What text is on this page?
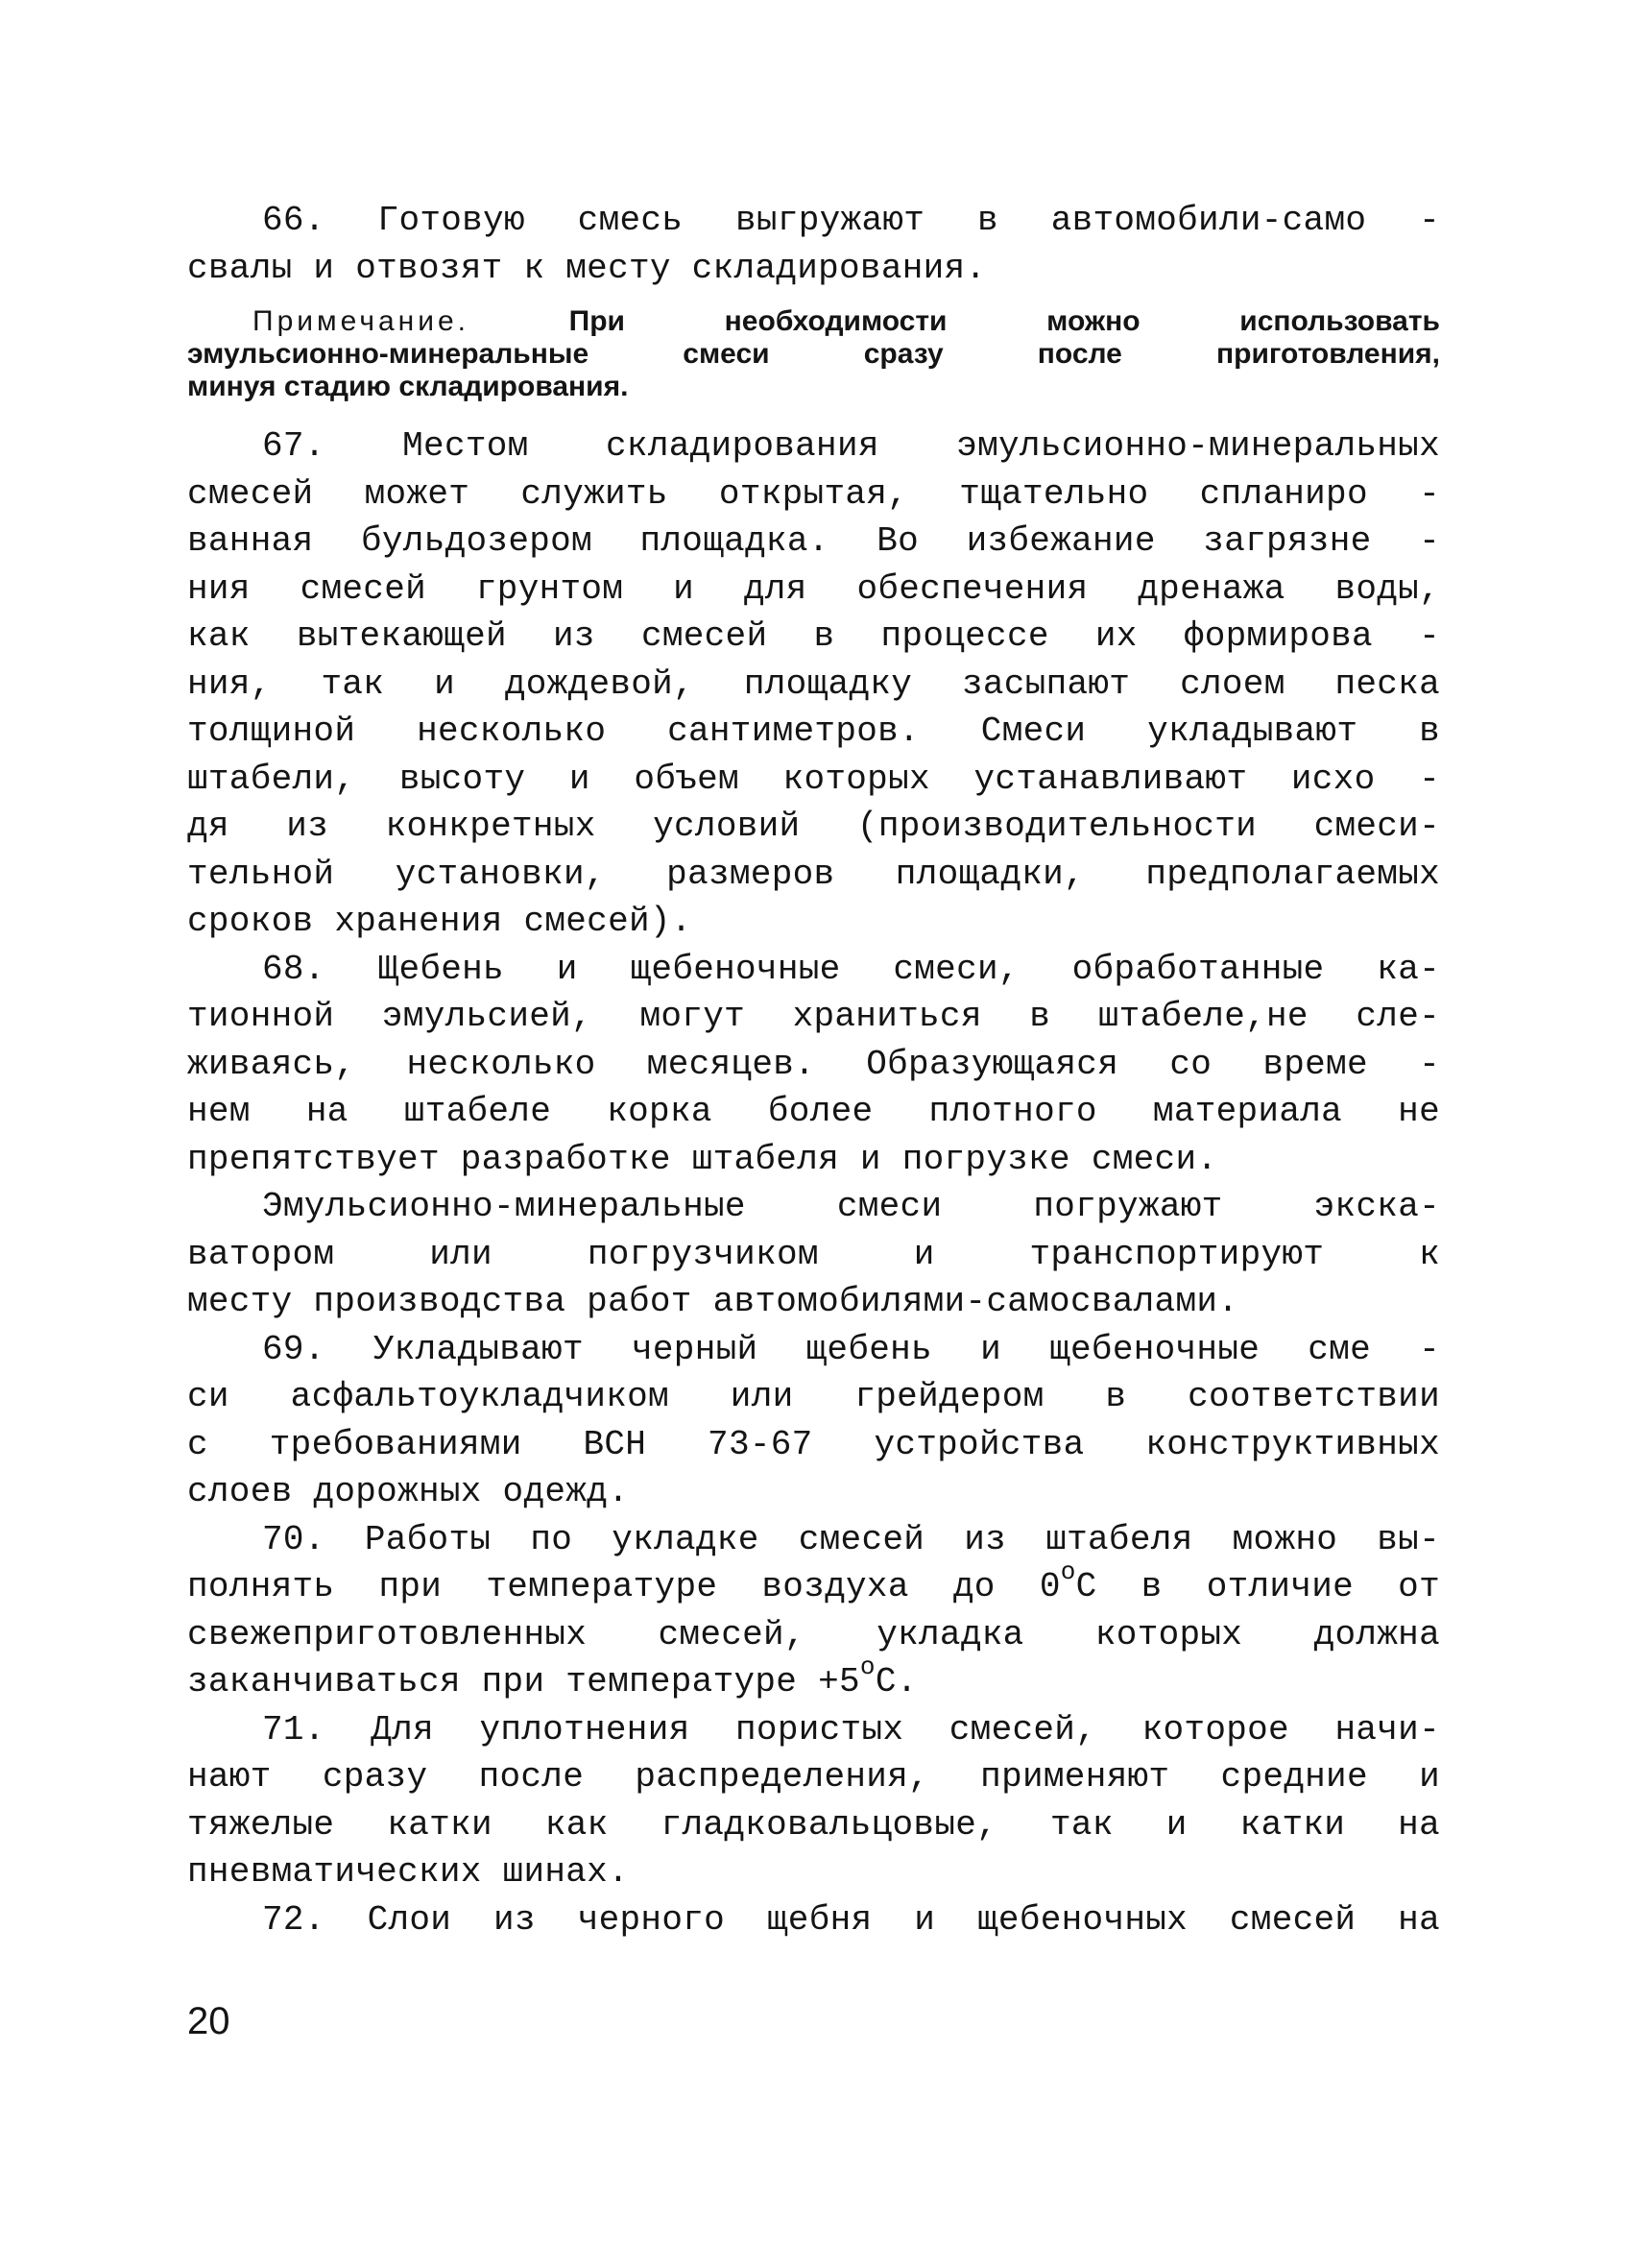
66. Готовую смесь выгружают в автомобили-само -
свалы и отвозят к месту складирования.
Примечание.	При необходимости можно использовать
эмульсионно-минеральные смеси сразу после приготовления,
минуя стадию складирования.
67. Местом складирования эмульсионно-минеральных
смесей может служить открытая, тщательно спланиро -
ванная бульдозером площадка. Во избежание загрязне -
ния смесей грунтом и для обеспечения дренажа воды,
как вытекающей из смесей в процессе их формирова -
ния, так и дождевой, площадку засыпают слоем песка
толщиной несколько сантиметров. Смеси укладывают в
штабели, высоту и объем которых устанавливают исхо -
дя из конкретных условий (производительности смеси-
тельной установки, размеров площадки, предполагаемых
сроков хранения смесей).
68. Щебень и щебеночные смеси, обработанные ка-
тионной эмульсией, могут храниться в штабеле,не сле-
живаясь, несколько месяцев. Образующаяся со време -
нем на штабеле корка более плотного материала не
препятствует разработке штабеля и погрузке смеси.
Эмульсионно-минеральные смеси погружают экска-
ватором или погрузчиком и транспортируют к
месту производства работ автомобилями-самосвалами.
69. Укладывают черный щебень и щебеночные сме -
си асфальтоукладчиком или грейдером в соответствии
с требованиями ВСН 73-67 устройства конструктивных
слоев дорожных одежд.
70. Работы по укладке смесей из штабеля можно вы-
полнять при температуре воздуха до $0^оС$ в отличие от
свежеприготовленных смесей, укладка которых должна
заканчиваться при температуре $+5^оС$.
71. Для уплотнения пористых смесей, которое начи-
нают сразу после распределения, применяют средние и
тяжелые катки как гладковальцовые, так и катки на
пневматических шинах.
72. Слои из черного щебня и щебеночных смесей на
20
